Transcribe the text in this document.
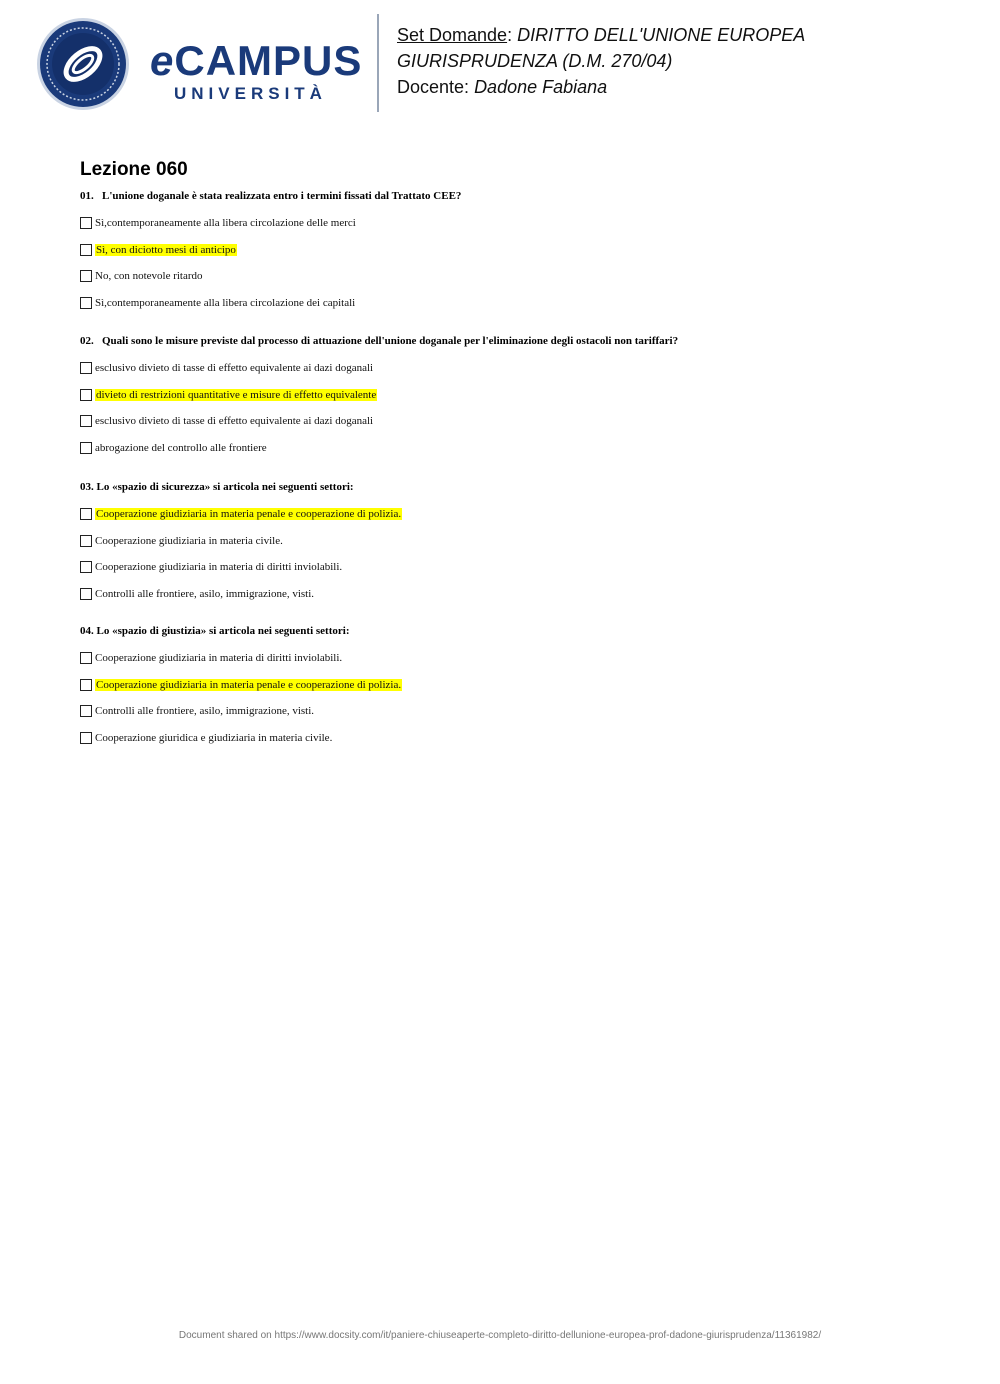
eCAMPUS
UNIVERSITÀ
Set Domande: DIRITTO DELL'UNIONE EUROPEA
GIURISPRUDENZA (D.M. 270/04)
Docente: Dadone Fabiana
Lezione 060
01. L'unione doganale è stata realizzata entro i termini fissati dal Trattato CEE?
Sì,contemporaneamente alla libera circolazione delle merci
Sì, con diciotto mesi di anticipo
No, con notevole ritardo
Sì,contemporaneamente alla libera circolazione dei capitali
02. Quali sono le misure previste dal processo di attuazione dell'unione doganale per l'eliminazione degli ostacoli non tariffari?
esclusivo divieto di tasse di effetto equivalente ai dazi doganali
divieto di restrizioni quantitative e misure di effetto equivalente
esclusivo divieto di tasse di effetto equivalente ai dazi doganali
abrogazione del controllo alle frontiere
03. Lo «spazio di sicurezza» si articola nei seguenti settori:
Cooperazione giudiziaria in materia penale e cooperazione di polizia.
Cooperazione giudiziaria in materia civile.
Cooperazione giudiziaria in materia di diritti inviolabili.
Controlli alle frontiere, asilo, immigrazione, visti.
04. Lo «spazio di giustizia» si articola nei seguenti settori:
Cooperazione giudiziaria in materia di diritti inviolabili.
Cooperazione giudiziaria in materia penale e cooperazione di polizia.
Controlli alle frontiere, asilo, immigrazione, visti.
Cooperazione giuridica e giudiziaria in materia civile.
Document shared on https://www.docsity.com/it/paniere-chiuseaperte-completo-diritto-dellunione-europea-prof-dadone-giurisprudenza/11361982/
